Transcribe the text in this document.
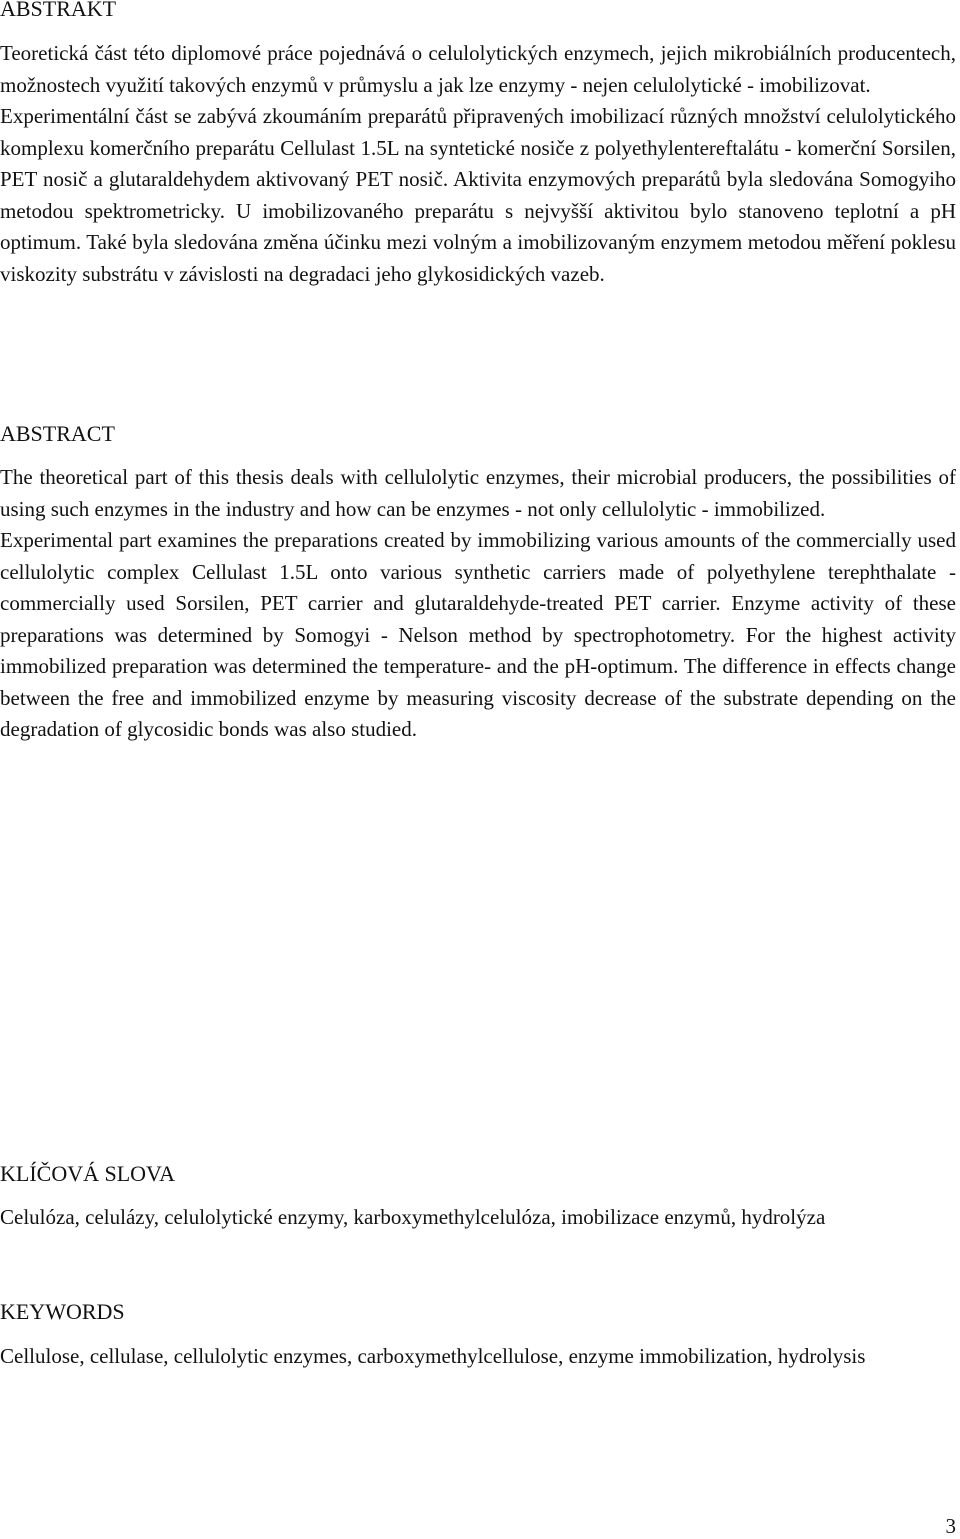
ABSTRAKT

Teoretická část této diplomové práce pojednává o celulolytických enzymech, jejich mikrobiálních producentech, možnostech využití takových enzymů v průmyslu a jak lze enzymy - nejen celulolytické - imobilizovat.

Experimentální část se zabývá zkoumáním preparátů připravených imobilizací různých množství celulolytického komplexu komerčního preparátu Cellulast 1.5L na syntetické nosiče z polyethylentereftalátu - komerční Sorsilen, PET nosič a glutaraldehydem aktivovaný PET nosič. Aktivita enzymových preparátů byla sledována Somogyiho metodou spektrometricky. U imobilizovaného preparátu s nejvyšší aktivitou bylo stanoveno teplotní a pH optimum. Také byla sledována změna účinku mezi volným a imobilizovaným enzymem metodou měření poklesu viskozity substrátu v závislosti na degradaci jeho glykosidických vazeb.

ABSTRACT

The theoretical part of this thesis deals with cellulolytic enzymes, their microbial producers, the possibilities of using such enzymes in the industry and how can be enzymes - not only cellulolytic - immobilized.

Experimental part examines the preparations created by immobilizing various amounts of the commercially used cellulolytic complex Cellulast 1.5L onto various synthetic carriers made of polyethylene terephthalate - commercially used Sorsilen, PET carrier and glutaraldehyde-treated PET carrier. Enzyme activity of these preparations was determined by Somogyi - Nelson method by spectrophotometry. For the highest activity immobilized preparation was determined the temperature- and the pH-optimum. The difference in effects change between the free and immobilized enzyme by measuring viscosity decrease of the substrate depending on the degradation of glycosidic bonds was also studied.

KLÍČOVÁ SLOVA

Celulóza, celulázy, celulolytické enzymy, karboxymethylcelulóza, imobilizace enzymů, hydrolýza

KEYWORDS

Cellulose, cellulase, cellulolytic enzymes, carboxymethylcellulose, enzyme immobilization, hydrolysis

3
